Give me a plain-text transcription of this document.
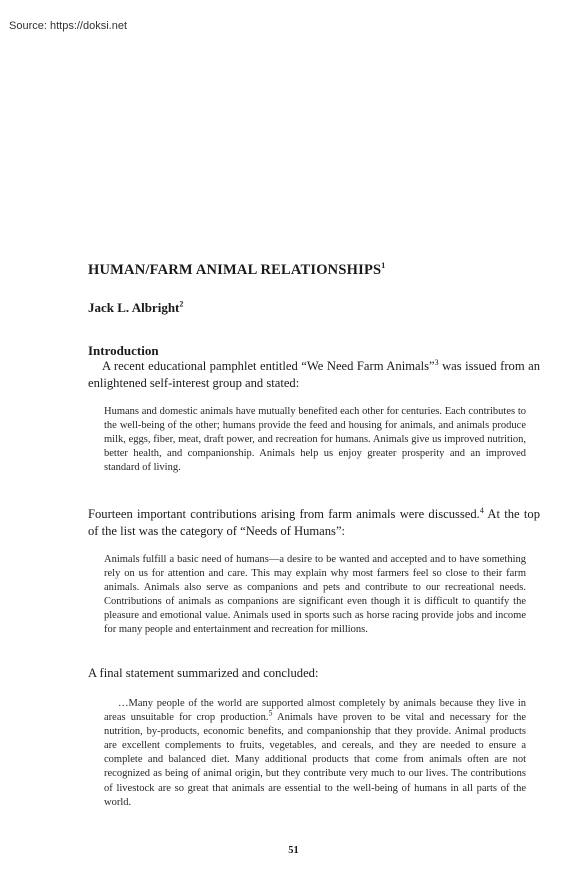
Source: https://doksi.net
HUMAN/FARM ANIMAL RELATIONSHIPS$^1$
Jack L. Albright$^2$
Introduction

A recent educational pamphlet entitled “We Need Farm Animals”$^3$ was issued from an enlightened self-interest group and stated:

Humans and domestic animals have mutually benefited each other for centuries. Each contributes to the well-being of the other; humans provide the feed and housing for animals, and animals produce milk, eggs, fiber, meat, draft power, and recreation for humans. Animals give us improved nutrition, better health, and companionship. Animals help us enjoy greater prosperity and an improved standard of living.

Fourteen important contributions arising from farm animals were discussed.$^4$ At the top of the list was the category of “Needs of Humans”:

Animals fulfill a basic need of humans—a desire to be wanted and accepted and to have something rely on us for attention and care. This may explain why most farmers feel so close to their farm animals. Animals also serve as companions and pets and contribute to our recreational needs. Contributions of animals as companions are significant even though it is difficult to quantify the pleasure and emotional value. Animals used in sports such as horse racing provide jobs and income for many people and entertainment and recreation for millions.

A final statement summarized and concluded:

…Many people of the world are supported almost completely by animals because they live in areas unsuitable for crop production.$^5$ Animals have proven to be vital and necessary for the nutrition, by-products, economic benefits, and companionship that they provide. Animal products are excellent complements to fruits, vegetables, and cereals, and they are needed to ensure a complete and balanced diet. Many additional products that come from animals often are not recognized as being of animal origin, but they contribute very much to our lives. The contributions of livestock are so great that animals are essential to the well-being of humans in all parts of the world.

51
